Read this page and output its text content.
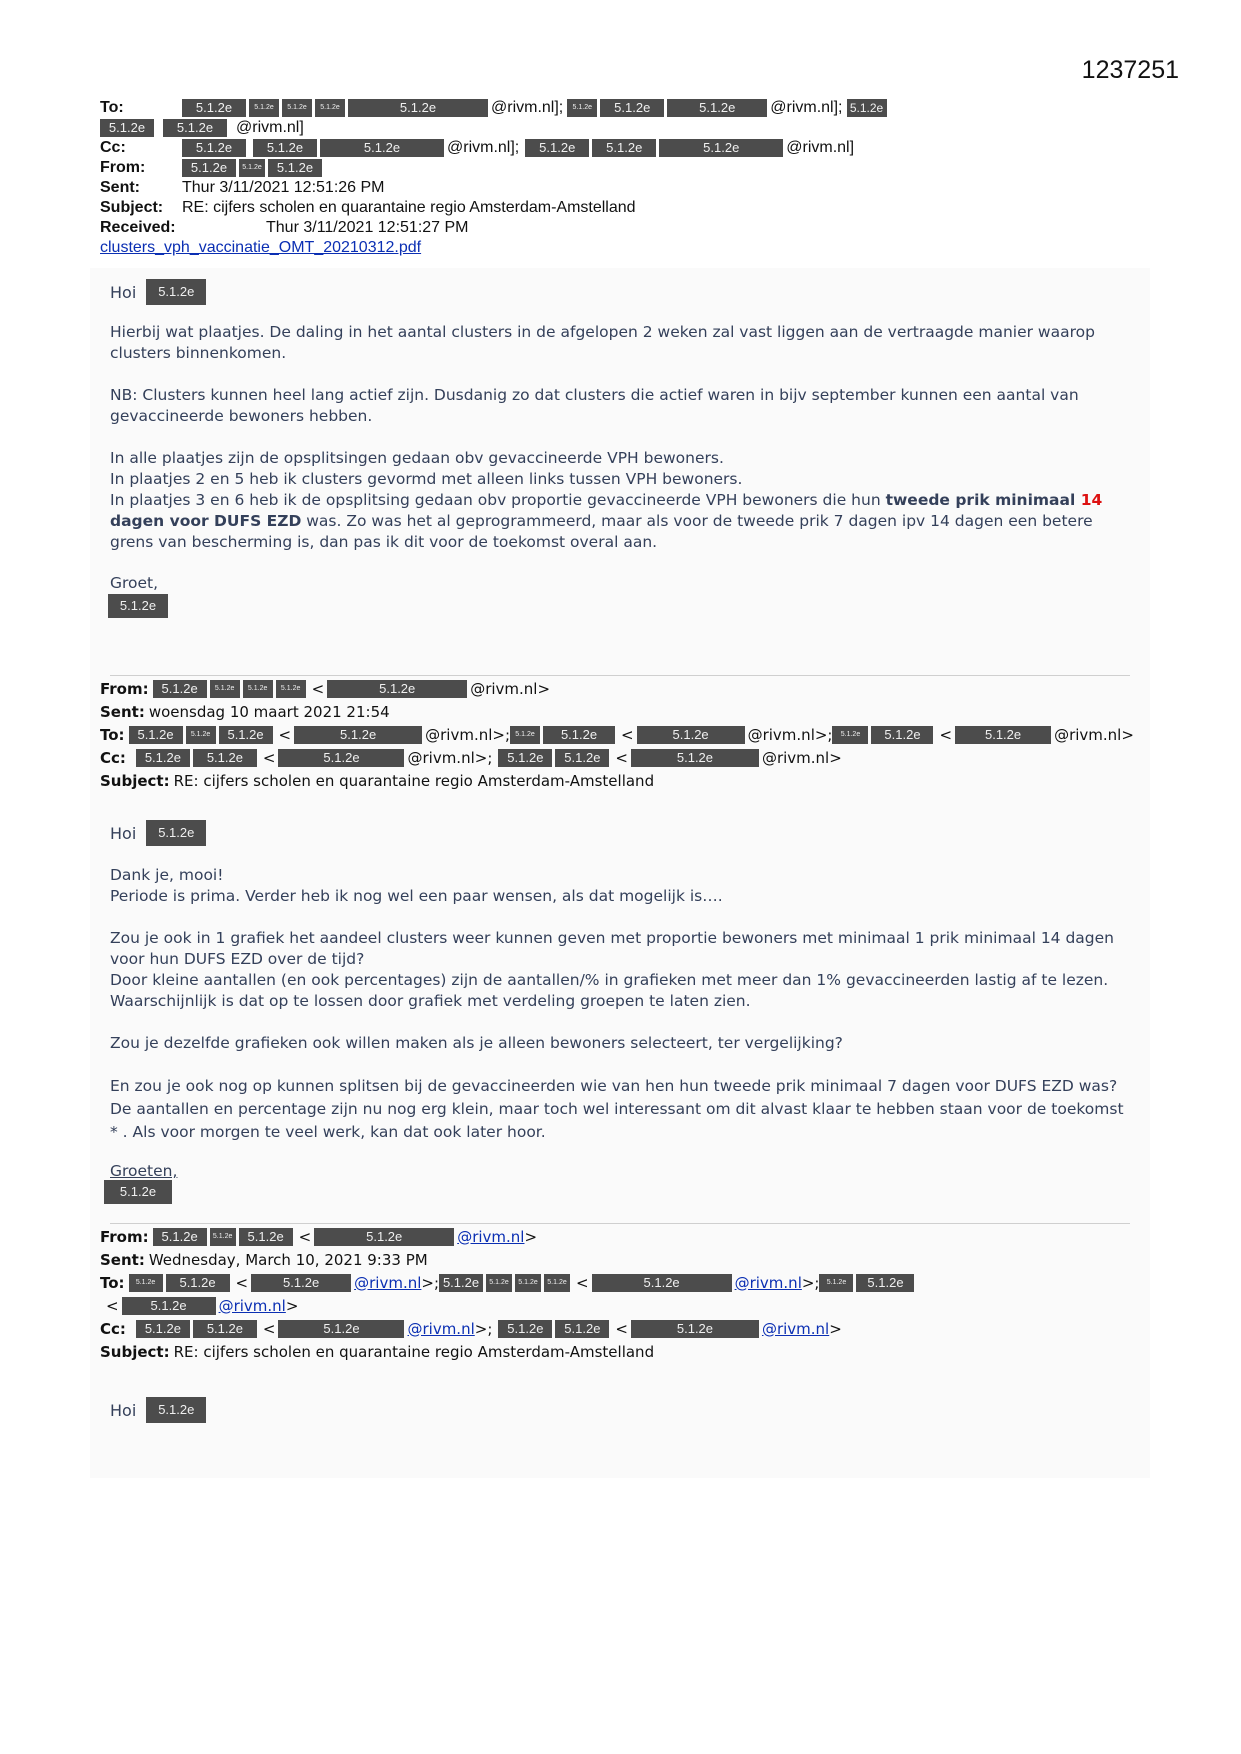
1237251
To:	5.1.2e	5.1.2e	5.1.2e	5.1.2e	5.1.2e	@rivm.nl];	5.1.2e	5.1.2e	5.1.2e	@rivm.nl]; 5.1.2e
5.1.2e	5.1.2e	@rivm.nl]
Cc:	5.1.2e	5.1.2e	5.1.2e	@rivm.nl];	5.1.2e	5.1.2e	5.1.2e	@rivm.nl]
From:	5.1.2e	5.1.2e	5.1.2e
Sent:	Thur 3/11/2021 12:51:26 PM
Subject:	RE: cijfers scholen en quarantaine regio Amsterdam-Amstelland
Received:	Thur 3/11/2021 12:51:27 PM
clusters_vph_vaccinatie_OMT_20210312.pdf
Hoi	5.1.2e

Hierbij wat plaatjes. De daling in het aantal clusters in de afgelopen 2 weken zal vast liggen aan de vertraagde manier waarop clusters binnenkomen.

NB: Clusters kunnen heel lang actief zijn. Dusdanig zo dat clusters die actief waren in bijv september kunnen een aantal van gevaccineerde bewoners hebben.

In alle plaatjes zijn de opsplitsingen gedaan obv gevaccineerde VPH bewoners.

In plaatjes 2 en 5 heb ik clusters gevormd met alleen links tussen VPH bewoners.

In plaatjes 3 en 6 heb ik de opsplitsing gedaan obv proportie gevaccineerde VPH bewoners die hun tweede prik minimaal 14 dagen voor DUFS EZD was. Zo was het al geprogrammeerd, maar als voor de tweede prik 7 dagen ipv 14 dagen een betere grens van bescherming is, dan pas ik dit voor de toekomst overal aan.

Groet,

5.1.2e
From: 5.1.2e	5.1.2e	5.1.2e	5.1.2e <	5.1.2e	@rivm.nl>
Sent: woensdag 10 maart 2021 21:54
To: 5.1.2e	5.1.2e	5.1.2e <	5.1.2e	@rivm.nl>; 5.1.2e	5.1.2e	<	5.1.2e	@rivm.nl>;	5.1.2e	5.1.2e	<	5.1.2e	@rivm.nl>
Cc:	5.1.2e	5.1.2e	<	5.1.2e	@rivm.nl>;	5.1.2e	5.1.2e <	5.1.2e	@rivm.nl>
Subject: RE: cijfers scholen en quarantaine regio Amsterdam-Amstelland
Hoi	5.1.2e

Dank je, mooi!

Periode is prima. Verder heb ik nog wel een paar wensen, als dat mogelijk is….

Zou je ook in 1 grafiek het aandeel clusters weer kunnen geven met proportie bewoners met minimaal 1 prik minimaal 14 dagen voor hun DUFS EZD over de tijd?

Door kleine aantallen (en ook percentages) zijn de aantallen/% in grafieken met meer dan 1% gevaccineerden lastig af te lezen. Waarschijnlijk is dat op te lossen door grafiek met verdeling groepen te laten zien.

Zou je dezelfde grafieken ook willen maken als je alleen bewoners selecteert, ter vergelijking?

En zou je ook nog op kunnen splitsen bij de gevaccineerden wie van hen hun tweede prik minimaal 7 dagen voor DUFS EZD was? De aantallen en percentage zijn nu nog erg klein, maar toch wel interessant om dit alvast klaar te hebben staan voor de toekomst * . Als voor morgen te veel werk, kan dat ook later hoor.

Groeten,

5.1.2e
From: 5.1.2e	5.1.2e	5.1.2e <	5.1.2e	@rivm.nl >
Sent: Wednesday, March 10, 2021 9:33 PM
To:	5.1.2e	5.1.2e	<	5.1.2e	@rivm.nl >; 5.1.2e	5.1.2e	5.1.2e	5.1.2e <	5.1.2e	@rivm.nl >;	5.1.2e	5.1.2e
<	5.1.2e	@rivm.nl >
Cc:	5.1.2e	5.1.2e	<	5.1.2e	@rivm.nl >;	5.1.2e	5.1.2e <	5.1.2e	@rivm.nl >
Subject: RE: cijfers scholen en quarantaine regio Amsterdam-Amstelland
Hoi	5.1.2e
